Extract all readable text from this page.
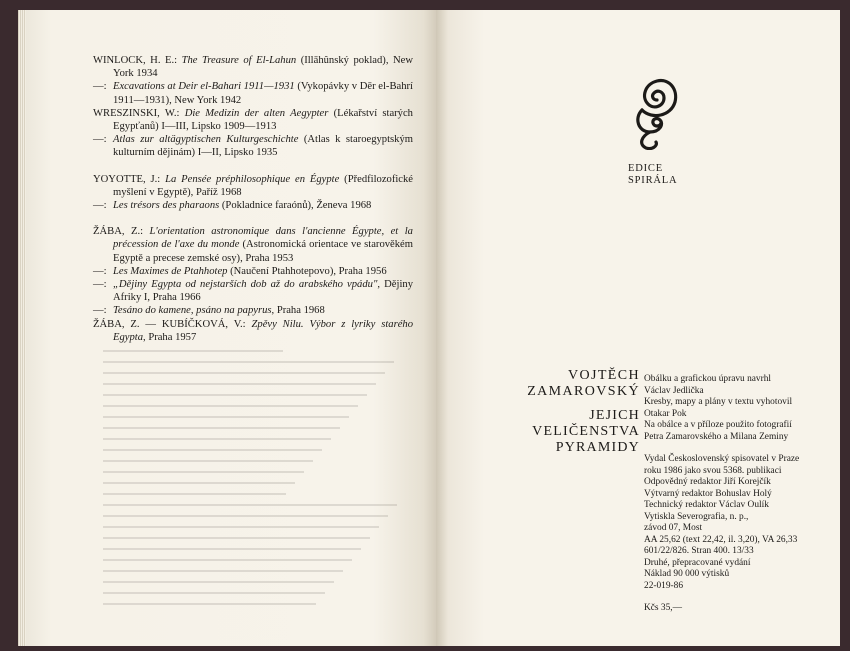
WINLOCK, H. E.: The Treasure of El-Lahun (Illāhûnský poklad), New York 1934

—: Excavations at Deir el-Bahari 1911—1931 (Vykopávky v Dēr el-Bahrí 1911—1931), New York 1942

WRESZINSKI, W.: Die Medizin der alten Aegypter (Lékařství starých Egypťanů) I—III, Lipsko 1909—1913

—: Atlas zur altägyptischen Kulturgeschichte (Atlas k staroegyptským kulturním dějinám) I—II, Lipsko 1935

YOYOTTE, J.: La Pensée préphilosophique en Égypte (Předfilozofické myšlení v Egyptě), Paříž 1968

—: Les trésors des pharaons (Pokladnice faraónů), Ženeva 1968

ŽÁBA, Z.: L'orientation astronomique dans l'ancienne Égypte, et la précession de l'axe du monde (Astronomická orientace ve starověkém Egyptě a precese zemské osy), Praha 1953

—: Les Maximes de Ptahhotep (Naučení Ptahhotepovo), Praha 1956

—: „Dějiny Egypta od nejstarších dob až do arabského vpádu", Dějiny Afriky I, Praha 1966

—: Tesáno do kamene, psáno na papyrus, Praha 1968

ŽÁBA, Z. — KUBÍČKOVÁ, V.: Zpěvy Nilu. Výbor z lyriky starého Egypta, Praha 1957

EDICE
SPIRÁLA
VOJTĚCH
ZAMAROVSKÝ
JEJICH
VELIČENSTVA
PYRAMIDY

Obálku a grafickou úpravu navrhl

Václav Jedlička

Kresby, mapy a plány v textu vyhotovil

Otakar Pok

Na obálce a v příloze použito fotografií

Petra Zamarovského a Milana Zeminy

Vydal Československý spisovatel v Praze

roku 1986 jako svou 5368. publikaci

Odpovědný redaktor Jiří Korejčík

Výtvarný redaktor Bohuslav Holý

Technický redaktor Václav Oulík

Vytiskla Severografia, n. p.,

závod 07, Most

AA 25,62 (text 22,42, il. 3,20), VA 26,33

601/22/826. Stran 400. 13/33

Druhé, přepracované vydání

Náklad 90 000 výtisků

22-019-86

Kčs 35,—
